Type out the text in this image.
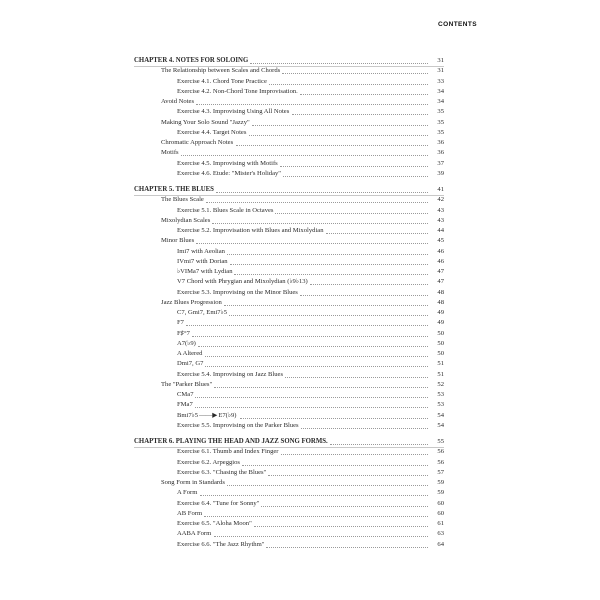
CONTENTS
CHAPTER 4. NOTES FOR SOLOING	31
The Relationship between Scales and Chords	31
Exercise 4.1. Chord Tone Practice	33
Exercise 4.2. Non-Chord Tone Improvisation.	34
Avoid Notes	34
Exercise 4.3. Improvising Using All Notes	35
Making Your Solo Sound "Jazzy"	35
Exercise 4.4. Target Notes	35
Chromatic Approach Notes	36
Motifs	36
Exercise 4.5. Improvising with Motifs	37
Exercise 4.6. Etude: "Mister's Holiday"	39
CHAPTER 5. THE BLUES	41
The Blues Scale	42
Exercise 5.1. Blues Scale in Octaves	43
Mixolydian Scales	43
Exercise 5.2. Improvisation with Blues and Mixolydian	44
Minor Blues	45
Imi7 with Aeolian	46
IVmi7 with Dorian	46
♭VIMa7 with Lydian	47
V7 Chord with Phrygian and Mixolydian (♭9♭13)	47
Exercise 5.3. Improvising on the Minor Blues	48
Jazz Blues Progression	48
C7, Gmi7, Emi7♭5	49
F7	49
F♯°7	50
A7(♭9)	50
A Altered	50
Dmi7, G7	51
Exercise 5.4. Improvising on Jazz Blues	51
The "Parker Blues"	52
CMa7	53
FMa7	53
Bmi7♭5——▶E7(♭9)	54
Exercise 5.5. Improvising on the Parker Blues	54
CHAPTER 6. PLAYING THE HEAD AND JAZZ SONG FORMS.	55
Exercise 6.1. Thumb and Index Finger	56
Exercise 6.2. Arpeggios	56
Exercise 6.3. "Chasing the Blues"	57
Song Form in Standards	59
A Form	59
Exercise 6.4. "Tune for Sonny"	60
AB Form	60
Exercise 6.5. "Aloha Moon"	61
AABA Form	63
Exercise 6.6. "The Jazz Rhythm"	64
